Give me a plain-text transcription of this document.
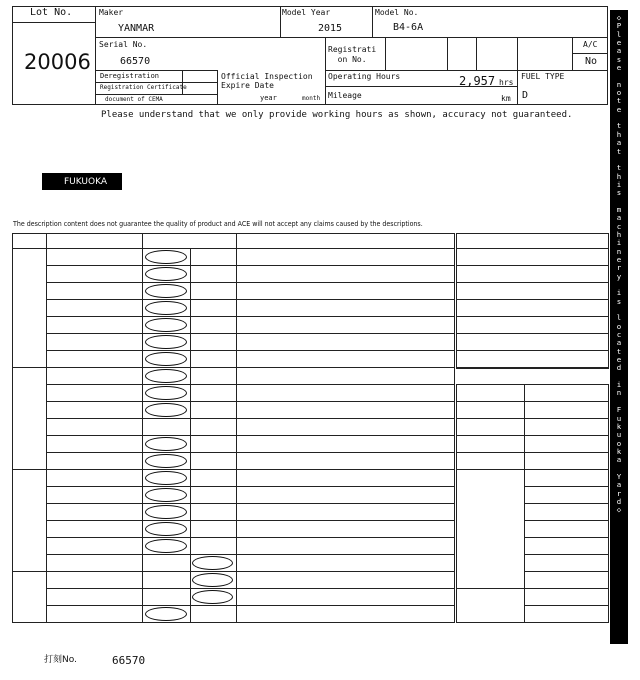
Lot No.
20006
Maker
YANMAR
Model Year
2015
Model No.
B4-6A
Serial No.
66570
Registrati
on No.
A/C
No
Deregistration
Registration Certificate
document of CEMA
Official Inspection
Expire Date
year	month
Operating Hours	2,957 hrs
Mileage	km
FUEL TYPE
D
Please understand that we only provide working hours as shown, accuracy not guaranteed.
FUKUOKA
The description content does not guarantee the quality of product and ACE will not accept any claims caused by the descriptions.
◇
P
l
e
a
s
e

n
o
t
e

t
h
a
t

t
h
i
s

m
a
c
h
i
n
e
r
y

i
s

l
o
c
a
t
e
d

i
n

F
u
k
u
o
k
a

Y
a
r
d
◇
打刻No.	66570
